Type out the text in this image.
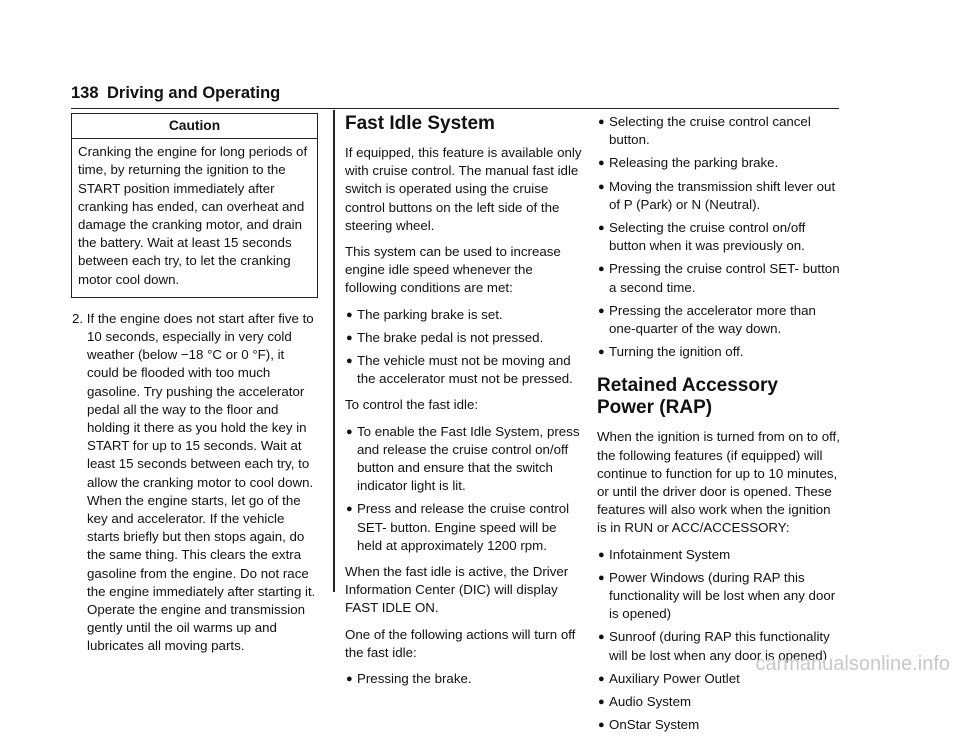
138 Driving and Operating
Caution
Cranking the engine for long periods of time, by returning the ignition to the START position immediately after cranking has ended, can overheat and damage the cranking motor, and drain the battery. Wait at least 15 seconds between each try, to let the cranking motor cool down.
2. If the engine does not start after five to 10 seconds, especially in very cold weather (below −18 °C or 0 °F), it could be flooded with too much gasoline. Try pushing the accelerator pedal all the way to the floor and holding it there as you hold the key in START for up to 15 seconds. Wait at least 15 seconds between each try, to allow the cranking motor to cool down. When the engine starts, let go of the key and accelerator. If the vehicle starts briefly but then stops again, do the same thing. This clears the extra gasoline from the engine. Do not race the engine immediately after starting it. Operate the engine and transmission gently until the oil warms up and lubricates all moving parts.
Fast Idle System

If equipped, this feature is available only with cruise control. The manual fast idle switch is operated using the cruise control buttons on the left side of the steering wheel.

This system can be used to increase engine idle speed whenever the following conditions are met:

● The parking brake is set.
● The brake pedal is not pressed.
● The vehicle must not be moving and the accelerator must not be pressed.

To control the fast idle:

● To enable the Fast Idle System, press and release the cruise control on/off button and ensure that the switch indicator light is lit.
● Press and release the cruise control SET- button. Engine speed will be held at approximately 1200 rpm.

When the fast idle is active, the Driver Information Center (DIC) will display FAST IDLE ON.

One of the following actions will turn off the fast idle:

● Pressing the brake.
● Selecting the cruise control cancel button.
● Releasing the parking brake.
● Moving the transmission shift lever out of P (Park) or N (Neutral).
● Selecting the cruise control on/off button when it was previously on.
● Pressing the cruise control SET- button a second time.
● Pressing the accelerator more than one-quarter of the way down.
● Turning the ignition off.
Retained Accessory Power (RAP)

When the ignition is turned from on to off, the following features (if equipped) will continue to function for up to 10 minutes, or until the driver door is opened. These features will also work when the ignition is in RUN or ACC/ACCESSORY:

● Infotainment System
● Power Windows (during RAP this functionality will be lost when any door is opened)
● Sunroof (during RAP this functionality will be lost when any door is opened)
● Auxiliary Power Outlet
● Audio System
● OnStar System
carmanualsonline.info
